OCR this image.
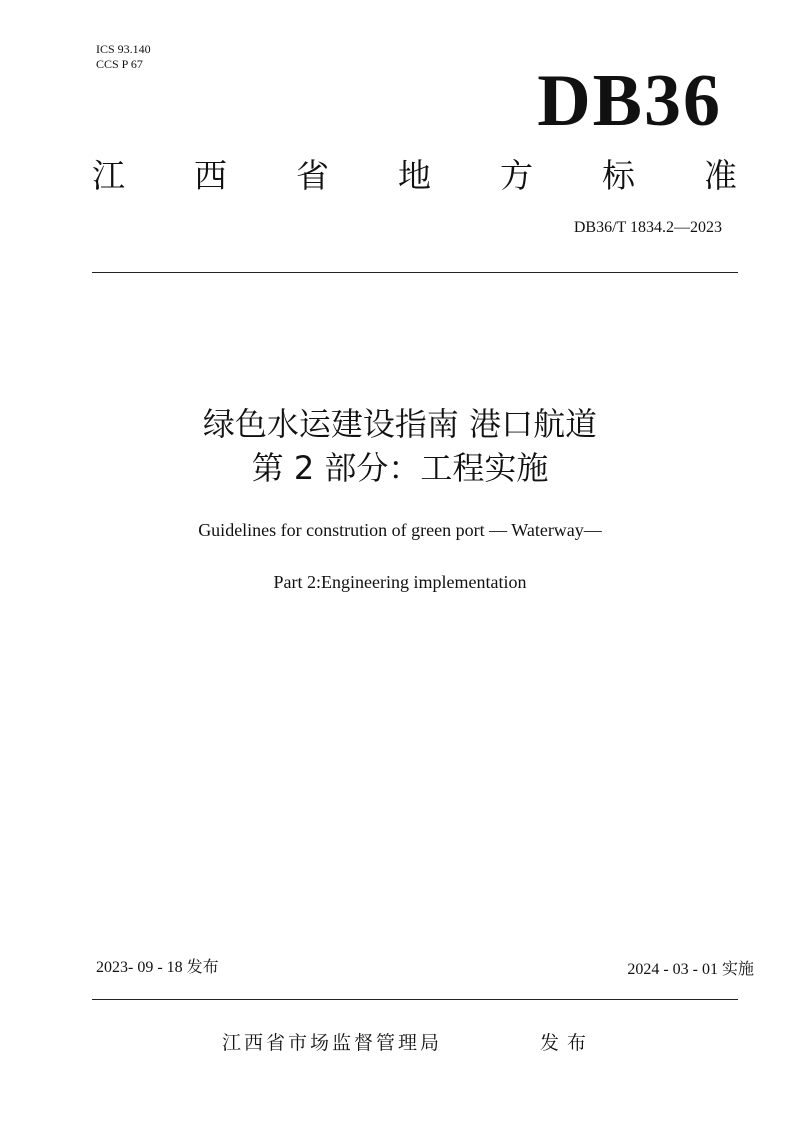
ICS 93.140
CCS P 67	DB36
江 西 省 地 方 标 准
DB36/T 1834.2—2023
绿色水运建设指南 港口航道
第 2 部分：工程实施
Guidelines for constrution of green port — Waterway—
Part 2:Engineering implementation
2023- 09 - 18 发布	2024 - 03 - 01 实施
江西省市场监督管理局	发布
